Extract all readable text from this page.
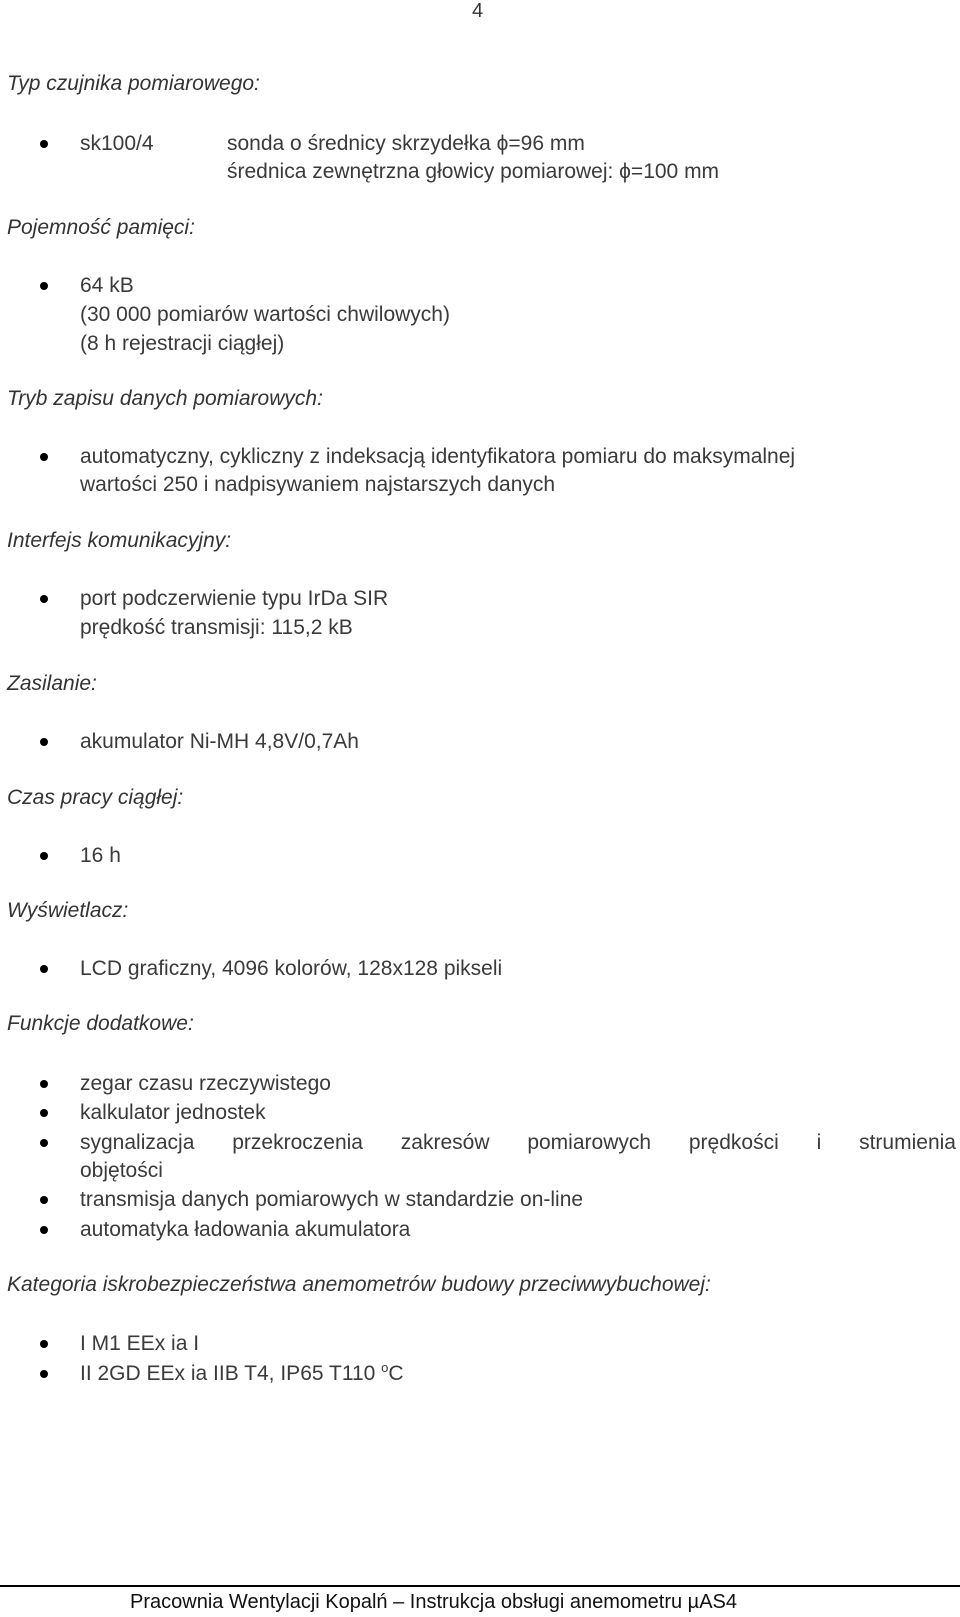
4
Typ czujnika pomiarowego:
sk100/4	sonda o średnicy skrzydełka ϕ=96 mm
średnica zewnętrzna głowicy pomiarowej: ϕ=100 mm
Pojemność pamięci:
64 kB
(30 000 pomiarów wartości chwilowych)
(8 h rejestracji ciągłej)
Tryb zapisu danych pomiarowych:
automatyczny, cykliczny z indeksacją identyfikatora pomiaru do maksymalnej
wartości 250 i nadpisywaniem najstarszych danych
Interfejs komunikacyjny:
port podczerwienie typu IrDa SIR
prędkość transmisji: 115,2 kB
Zasilanie:
akumulator Ni-MH 4,8V/0,7Ah
Czas pracy ciągłej:
16 h
Wyświetlacz:
LCD graficzny, 4096 kolorów, 128x128 pikseli
Funkcje dodatkowe:
zegar czasu rzeczywistego
kalkulator jednostek
sygnalizacja przekroczenia zakresów pomiarowych prędkości i strumienia
objętości
transmisja danych pomiarowych w standardzie on-line
automatyka ładowania akumulatora
Kategoria iskrobezpieczeństwa anemometrów budowy przeciwwybuchowej:
I M1 EEx ia I
II 2GD EEx ia IIB T4, IP65 T110 $^o$C
Pracownia Wentylacji Kopalń – Instrukcja obsługi anemometru µAS4
